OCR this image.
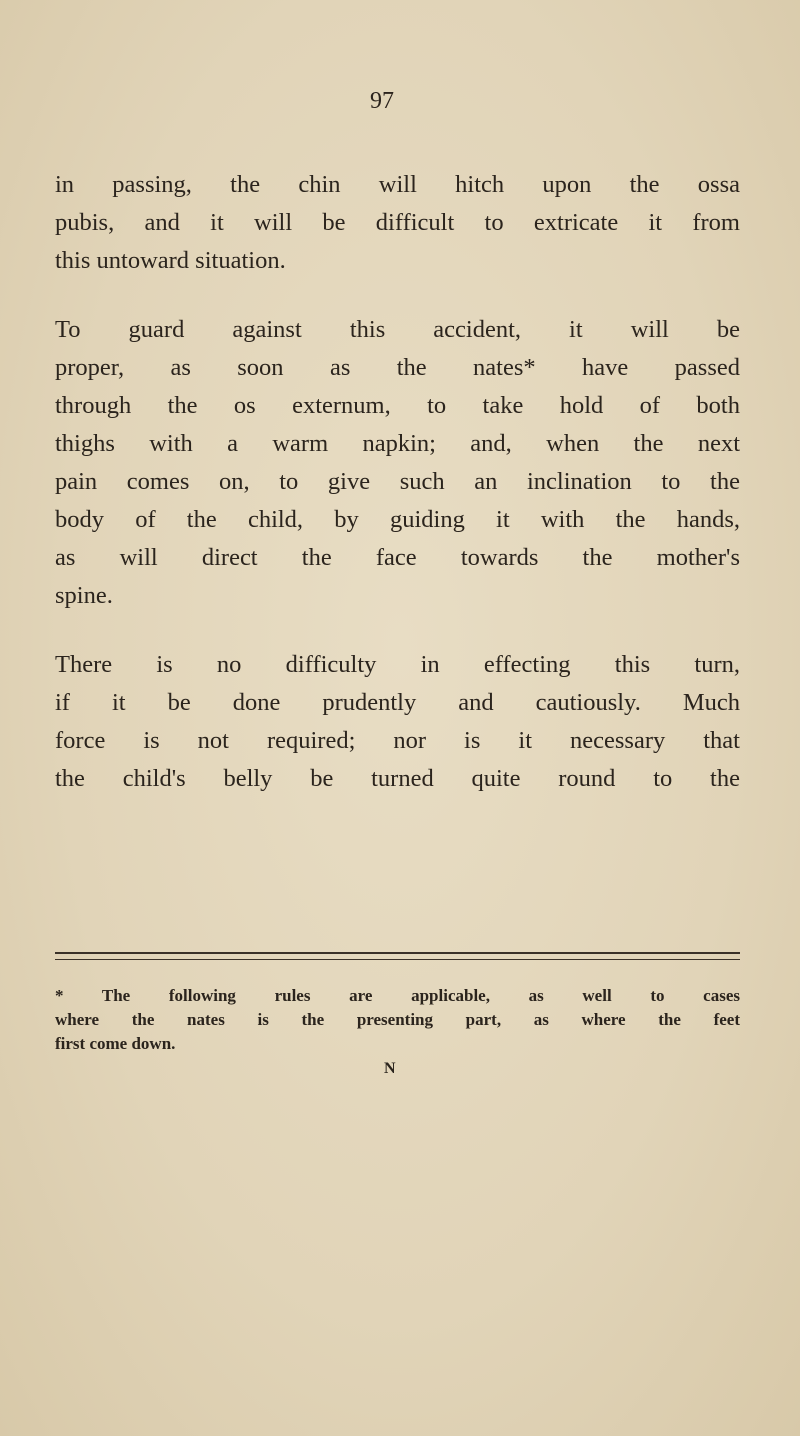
97
in passing, the chin will hitch upon the ossa
pubis, and it will be difficult to extricate it from
this untoward situation.
To guard against this accident, it will be
proper, as soon as the nates* have passed
through the os externum, to take hold of both
thighs with a warm napkin; and, when the next
pain comes on, to give such an inclination to the
body of the child, by guiding it with the hands,
as will direct the face towards the mother's
spine.
There is no difficulty in effecting this turn,
if it be done prudently and cautiously. Much
force is not required; nor is it necessary that
the child's belly be turned quite round to the
* The following rules are applicable, as well to cases
where the nates is the presenting part, as where the feet
first come down.
N
